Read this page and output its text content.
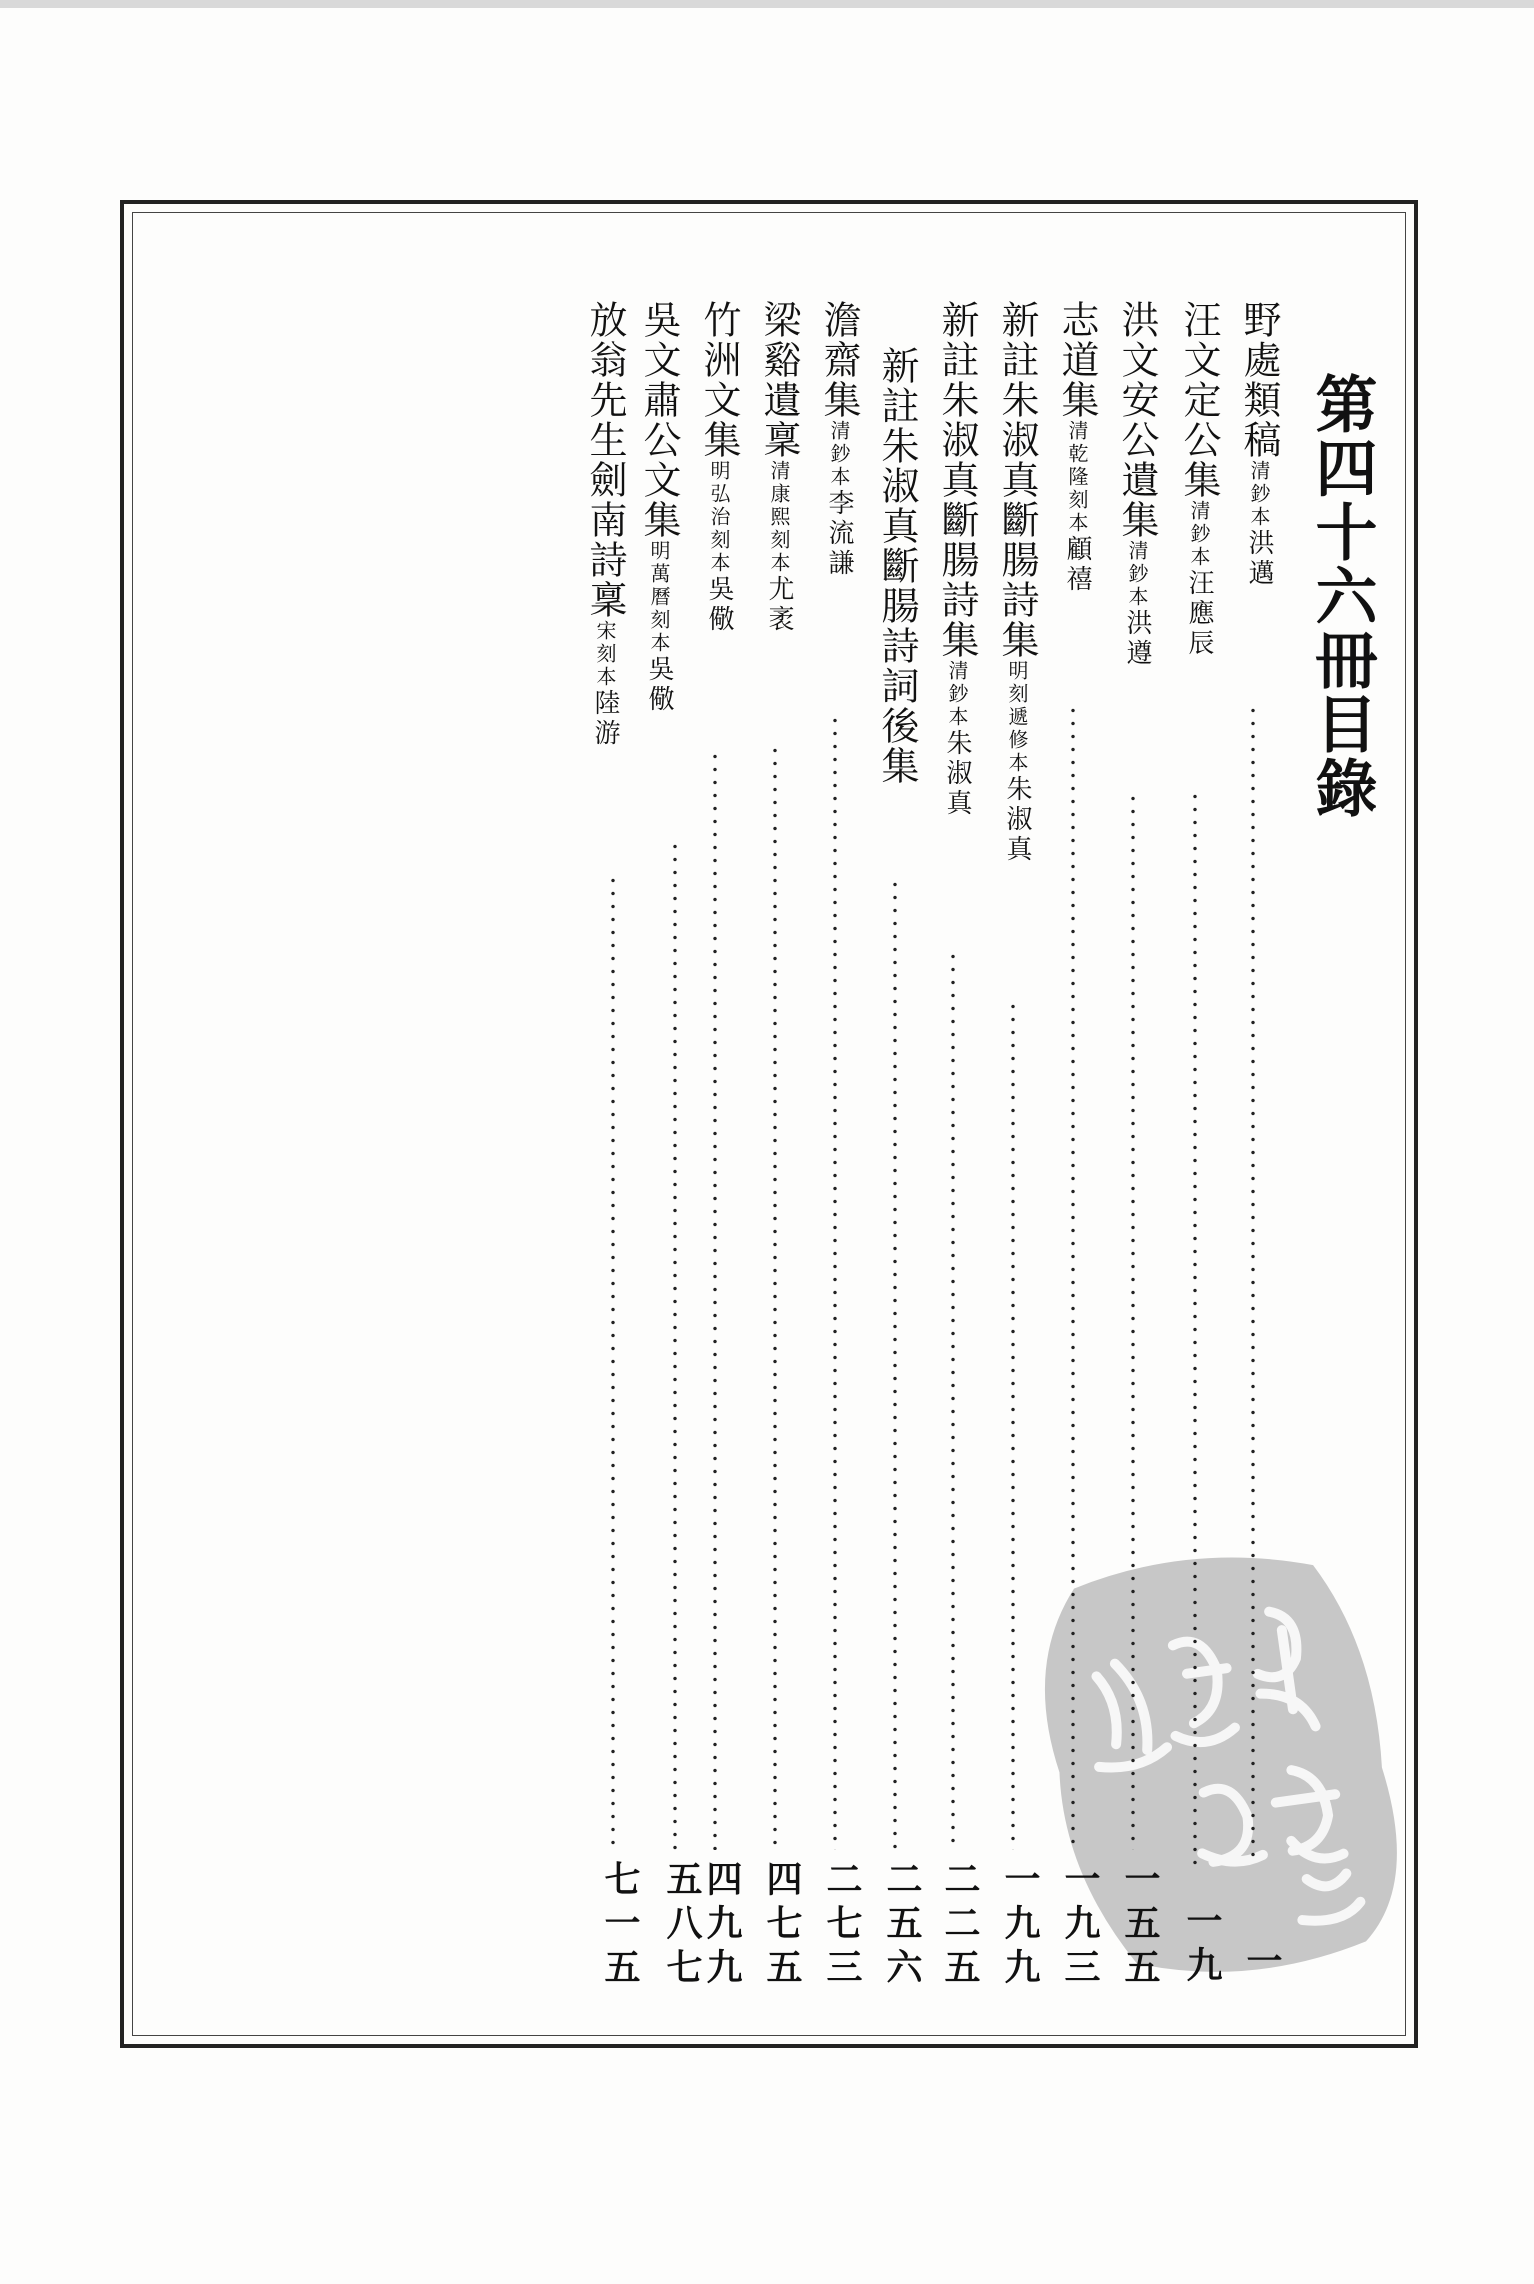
第四十六冊目錄
野處類稿清鈔本洪邁
一
汪文定公集清鈔本汪應辰
一九
洪文安公遺集清鈔本洪遵
一五五
志道集清乾隆刻本顧禧
一九三
新註朱淑真斷腸詩集明刻遞修本朱淑真
一九九
新註朱淑真斷腸詩集清鈔本朱淑真
二二五
新註朱淑真斷腸詩詞後集
二五六
澹齋集清鈔本李流謙
二七三
梁谿遺稟清康熙刻本尤袤
四七五
竹洲文集明弘治刻本吳儆
四九九
吳文肅公文集明萬曆刻本吳儆
五八七
放翁先生劍南詩稟宋刻本陸游
七一五
